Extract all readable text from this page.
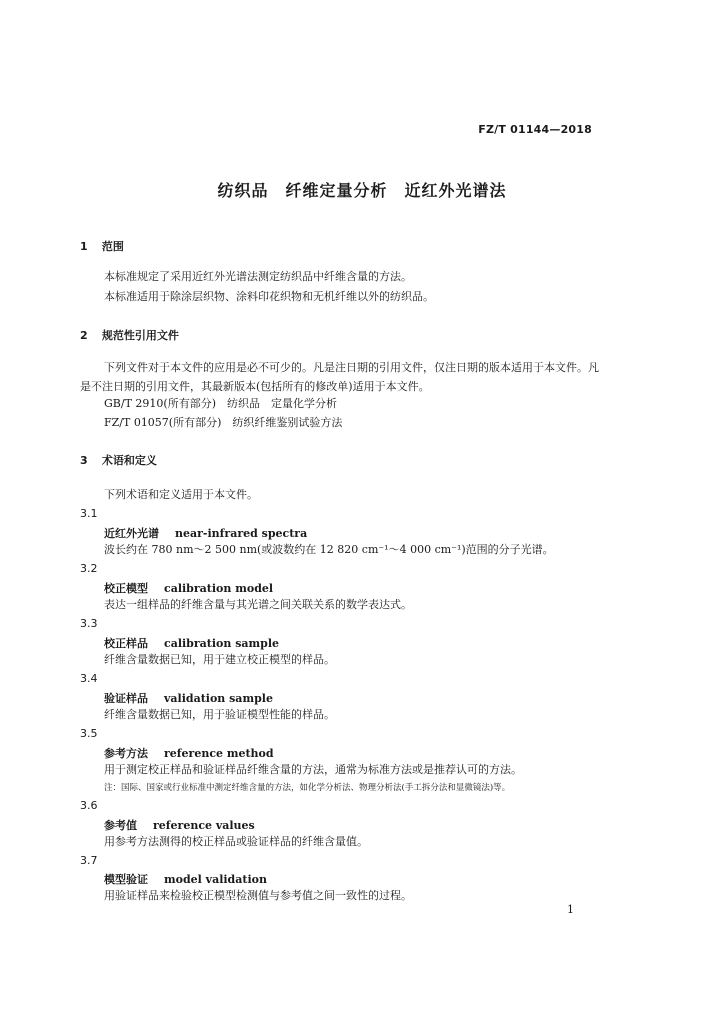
FZ/T 01144—2018
纺织品　纤维定量分析　近红外光谱法
1 范围
本标准规定了采用近红外光谱法测定纺织品中纤维含量的方法。
本标准适用于除涂层织物、涂料印花织物和无机纤维以外的纺织品。
2 规范性引用文件
下列文件对于本文件的应用是必不可少的。凡是注日期的引用文件，仅注日期的版本适用于本文件。凡是不注日期的引用文件，其最新版本(包括所有的修改单)适用于本文件。
GB/T 2910(所有部分)　纺织品　定量化学分析
FZ/T 01057(所有部分)　纺织纤维鉴别试验方法
3 术语和定义
下列术语和定义适用于本文件。
3.1
近红外光谱 near-infrared spectra
波长约在 780 nm～2 500 nm(或波数约在 12 820 cm⁻¹～4 000 cm⁻¹)范围的分子光谱。
3.2
校正模型 calibration model
表达一组样品的纤维含量与其光谱之间关联关系的数学表达式。
3.3
校正样品 calibration sample
纤维含量数据已知，用于建立校正模型的样品。
3.4
验证样品 validation sample
纤维含量数据已知，用于验证模型性能的样品。
3.5
参考方法 reference method
用于测定校正样品和验证样品纤维含量的方法，通常为标准方法或是推荐认可的方法。
注：国际、国家或行业标准中测定纤维含量的方法，如化学分析法、物理分析法(手工拆分法和显微镜法)等。
3.6
参考值 reference values
用参考方法测得的校正样品或验证样品的纤维含量值。
3.7
模型验证 model validation
用验证样品来检验校正模型检测值与参考值之间一致性的过程。
1
